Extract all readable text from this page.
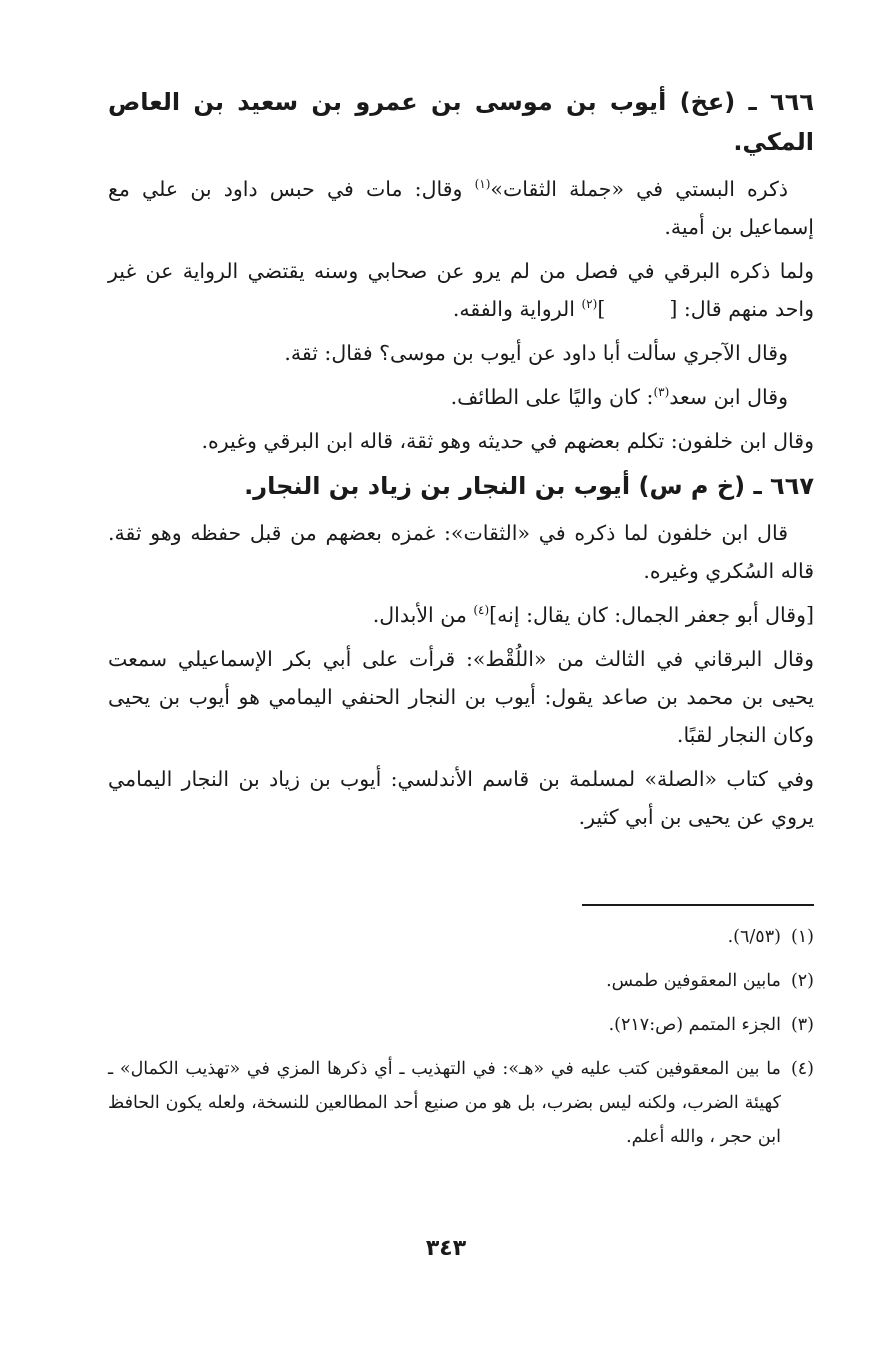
٦٦٦ ـ (عخ) أيوب بن موسى بن عمرو بن سعيد بن العاص المكي.
ذكره البستي في «جملة الثقات»$^{(١)}$ وقال: مات في حبس داود بن علي مع إسماعيل بن أمية.
ولما ذكره البرقي في فصل من لم يرو عن صحابي وسنه يقتضي الرواية عن غير واحد منهم قال: []$^{(٢)}$ الرواية والفقه.
وقال الآجري سألت أبا داود عن أيوب بن موسى؟ فقال: ثقة.
وقال ابن سعد$^{(٣)}$: كان واليًا على الطائف.
وقال ابن خلفون: تكلم بعضهم في حديثه وهو ثقة، قاله ابن البرقي وغيره.
٦٦٧ ـ (خ م س) أيوب بن النجار بن زياد بن النجار.
قال ابن خلفون لما ذكره في «الثقات»: غمزه بعضهم من قبل حفظه وهو ثقة. قاله السُكري وغيره.
[وقال أبو جعفر الجمال: كان يقال: إنه]$^{(٤)}$ من الأبدال.
وقال البرقاني في الثالث من «اللُقْط»: قرأت على أبي بكر الإسماعيلي سمعت يحيى بن محمد بن صاعد يقول: أيوب بن النجار الحنفي اليمامي هو أيوب بن يحيى وكان النجار لقبًا.
وفي كتاب «الصلة» لمسلمة بن قاسم الأندلسي: أيوب بن زياد بن النجار اليمامي يروي عن يحيى بن أبي كثير.
(١)
(٦/٥٣).
(٢)
مابين المعقوفين طمس.
(٣)
الجزء المتمم (ص:٢١٧).
(٤)
ما بين المعقوفين كتب عليه في «هـ»: في التهذيب ـ أي ذكرها المزي في «تهذيب الكمال» ـ كهيئة الضرب، ولكنه ليس بضرب، بل هو من صنيع أحد المطالعين للنسخة، ولعله يكون الحافظ ابن حجر ، والله أعلم.
٣٤٣
